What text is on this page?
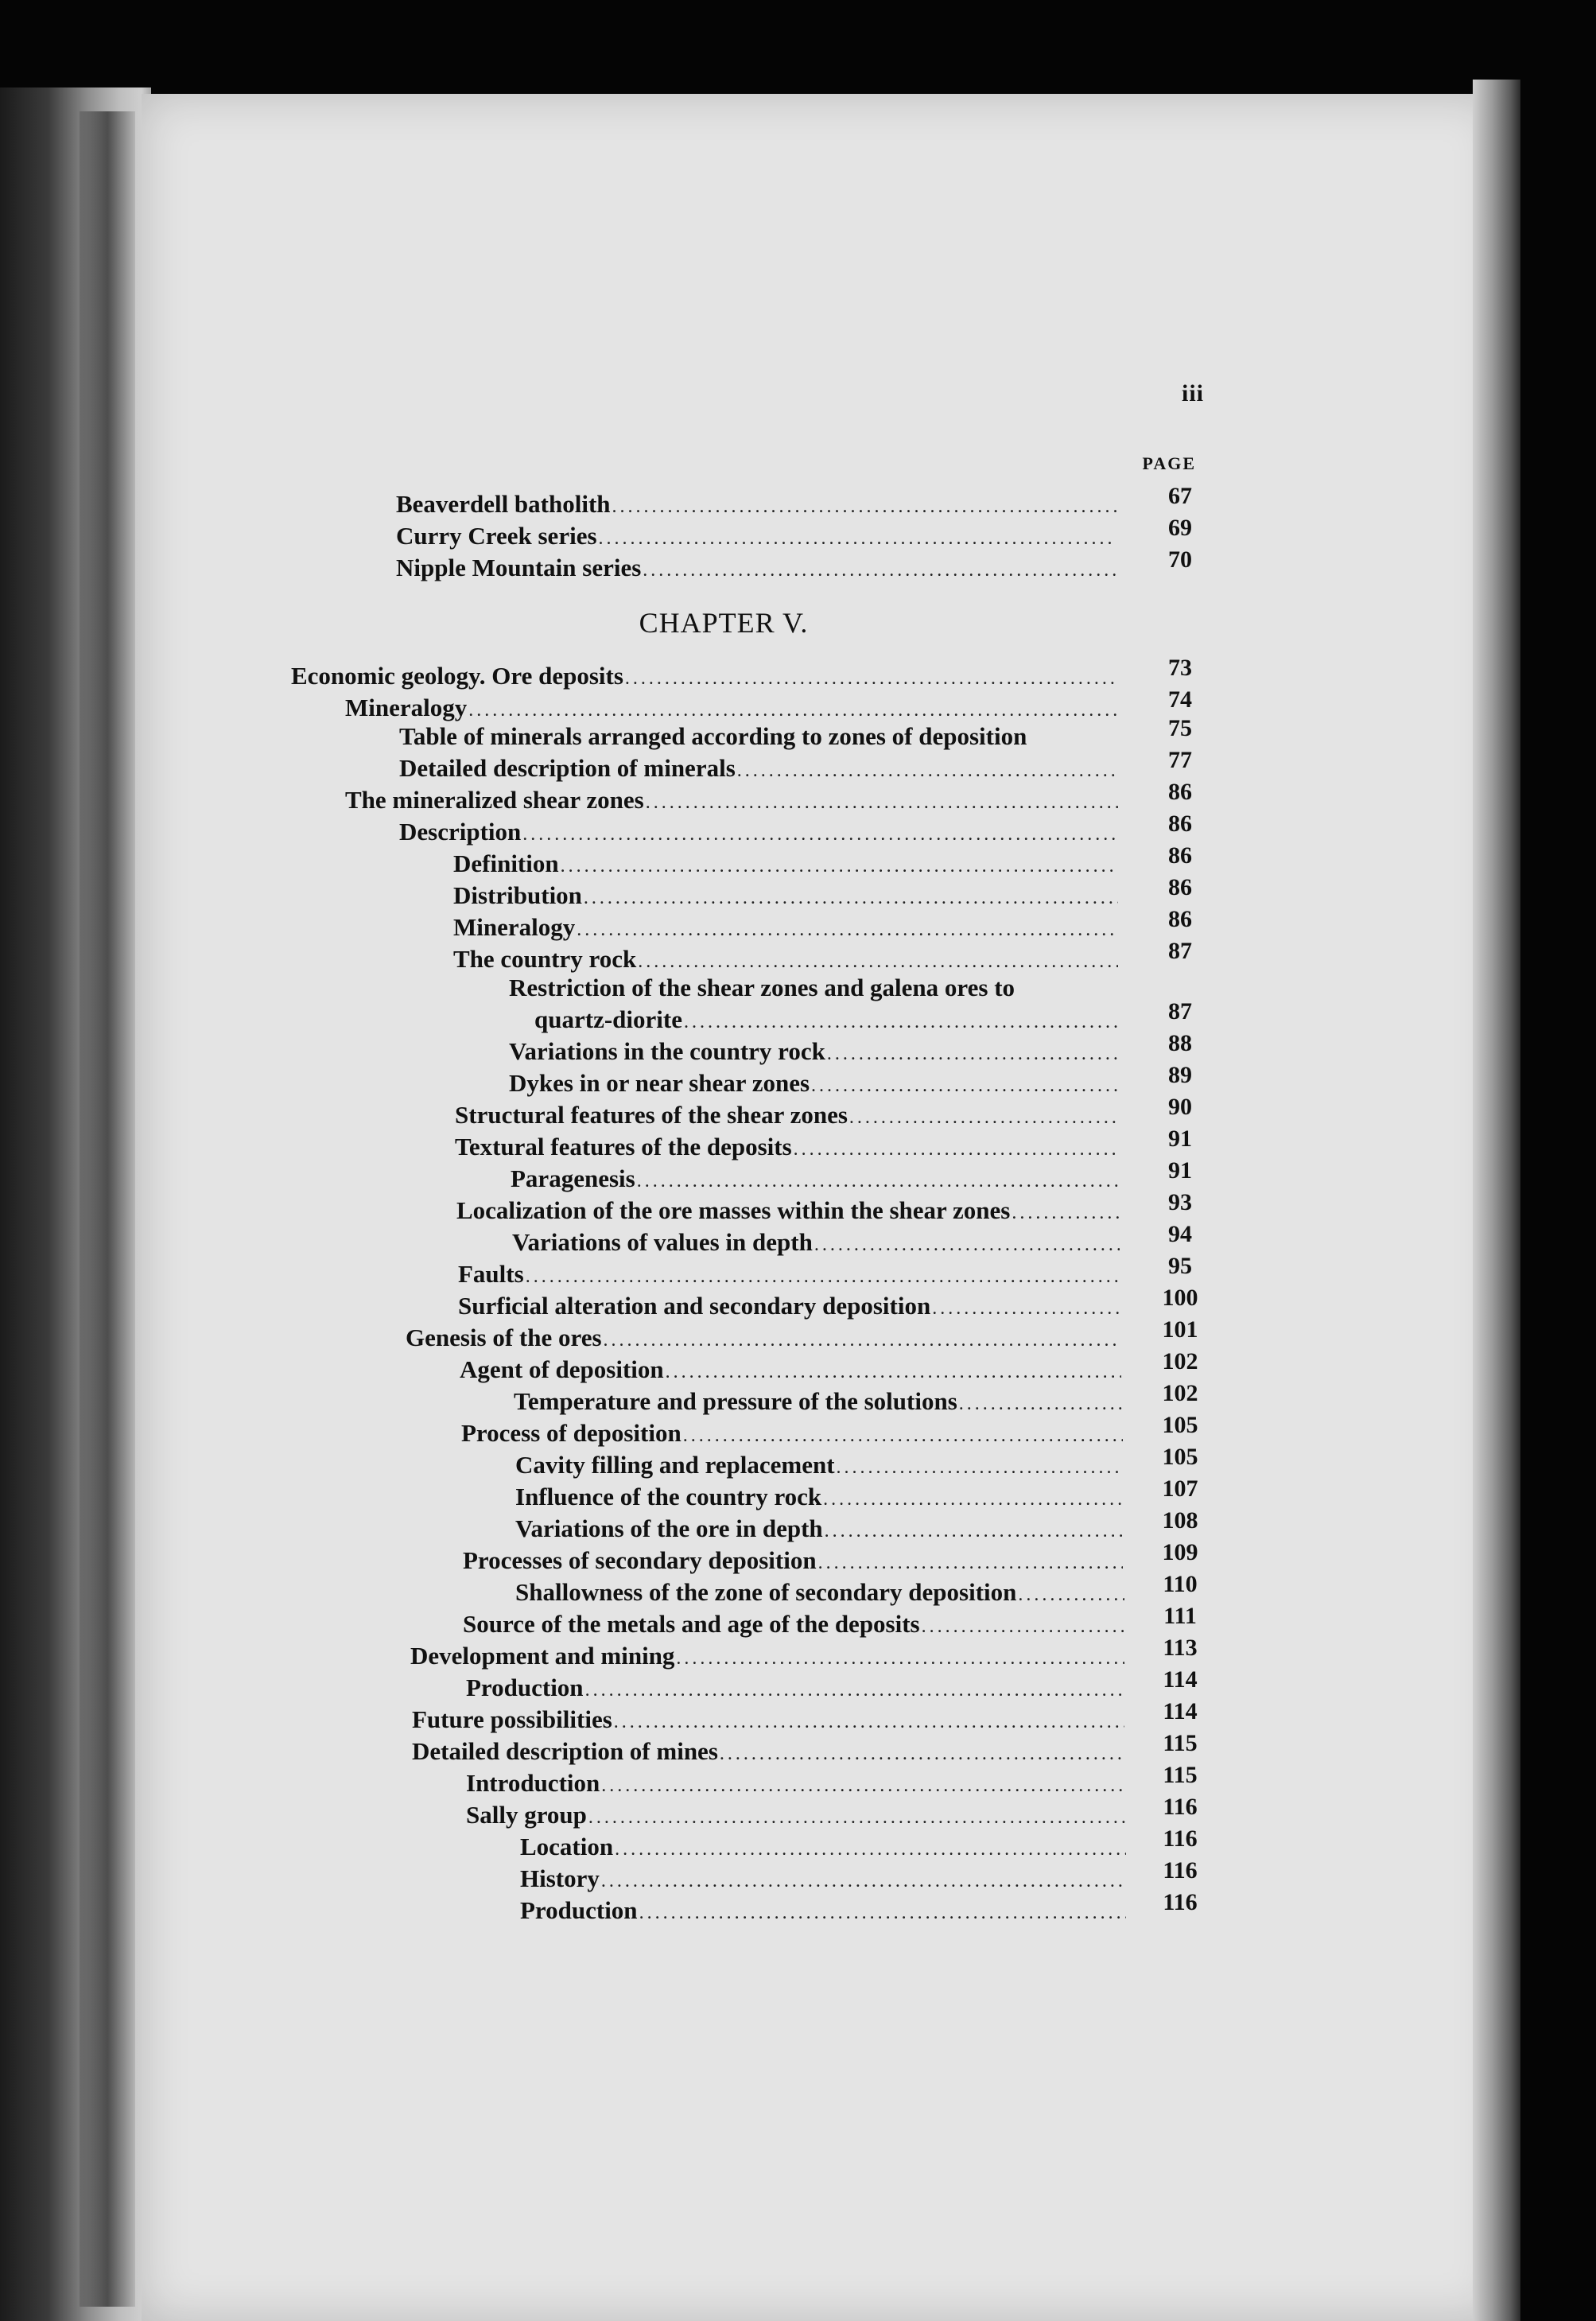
iii
PAGE
CHAPTER V.
Beaverdell batholith
.....
Curry Creek series
.....
Nipple Mountain series
.....
Economic geology. Ore deposits
.....
Mineralogy
.....
Table of minerals arranged according to zones of deposition
Detailed description of minerals
.....
The mineralized shear zones
.....
Description
.....
Definition
.....
Distribution
.....
Mineralogy
.....
The country rock
.....
Restriction of the shear zones and galena ores to
quartz-diorite
.....
Variations in the country rock
.....
Dykes in or near shear zones
.....
Structural features of the shear zones
.....
Textural features of the deposits
.....
Paragenesis
.....
Localization of the ore masses within the shear zones
.....
Variations of values in depth
.....
Faults
.....
Surficial alteration and secondary deposition
.....
Genesis of the ores
.....
Agent of deposition
.....
Temperature and pressure of the solutions
.....
Process of deposition
.....
Cavity filling and replacement
.....
Influence of the country rock
.....
Variations of the ore in depth
.....
Processes of secondary deposition
.....
Shallowness of the zone of secondary deposition
.....
Source of the metals and age of the deposits
.....
Development and mining
.....
Production
.....
Future possibilities
.....
Detailed description of mines
.....
Introduction
.....
Sally group
.....
Location
.....
History
.....
Production
.....
67
69
70
73
74
75
77
86
86
86
86
86
87
87
88
89
90
91
91
93
94
95
100
101
102
102
105
105
107
108
109
110
111
113
114
114
115
115
116
116
116
116
